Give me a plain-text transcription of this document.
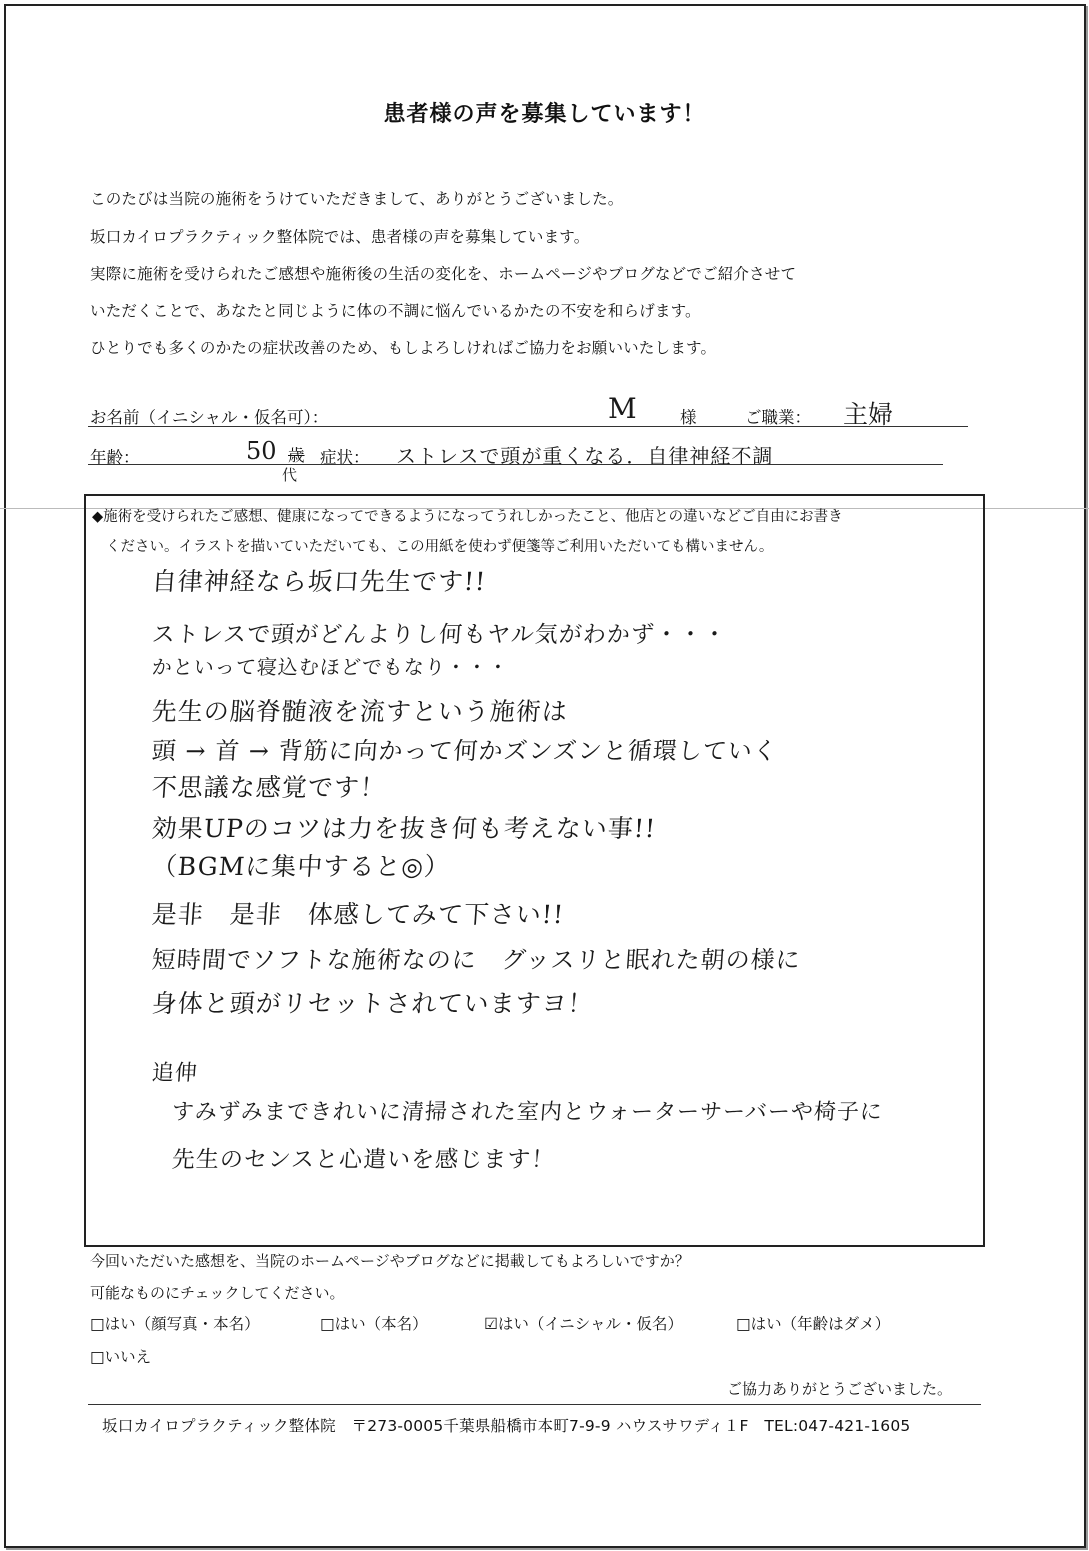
患者様の声を募集しています！
このたびは当院の施術をうけていただきまして、ありがとうございました。
坂口カイロプラクティック整体院では、患者様の声を募集しています。
実際に施術を受けられたご感想や施術後の生活の変化を、ホームページやブログなどでご紹介させて
いただくことで、あなたと同じように体の不調に悩んでいるかたの不安を和らげます。
ひとりでも多くのかたの症状改善のため、もしよろしければご協力をお願いいたします。
お名前（イニシャル・仮名可）：	M	様	ご職業： 主婦
年齢：	50 歳
代
症状： ストレスで頭が重くなる．自律神経不調
◆施術を受けられたご感想、健康になってできるようになってうれしかったこと、他店との違いなどご自由にお書き
ください。イラストを描いていただいても、この用紙を使わず便箋等ご利用いただいても構いません。
自律神経なら坂口先生です!!
ストレスで頭がどんよりし何もヤル気がわかず・・・
かといって寝込むほどでもなり・・・
先生の脳脊髄液を流すという施術は
頭 → 首 → 背筋に向かって何かズンズンと循環していく
不思議な感覚です！
効果UPのコツは力を抜き何も考えない事!!
（BGMに集中すると◎）
是非　是非　体感してみて下さい!!
短時間でソフトな施術なのに　グッスリと眠れた朝の様に
身体と頭がリセットされていますヨ！
追伸
すみずみまできれいに清掃された室内とウォーターサーバーや椅子に
先生のセンスと心遣いを感じます！
今回いただいた感想を、当院のホームページやブログなどに掲載してもよろしいですか？
可能なものにチェックしてください。
□はい（顔写真・本名）	□はい（本名）	☑はい（イニシャル・仮名）	□はい（年齢はダメ）
□いいえ
ご協力ありがとうございました。
坂口カイロプラクティック整体院　〒273-0005千葉県船橋市本町7-9-9 ハウスサワディ１F　TEL:047-421-1605
